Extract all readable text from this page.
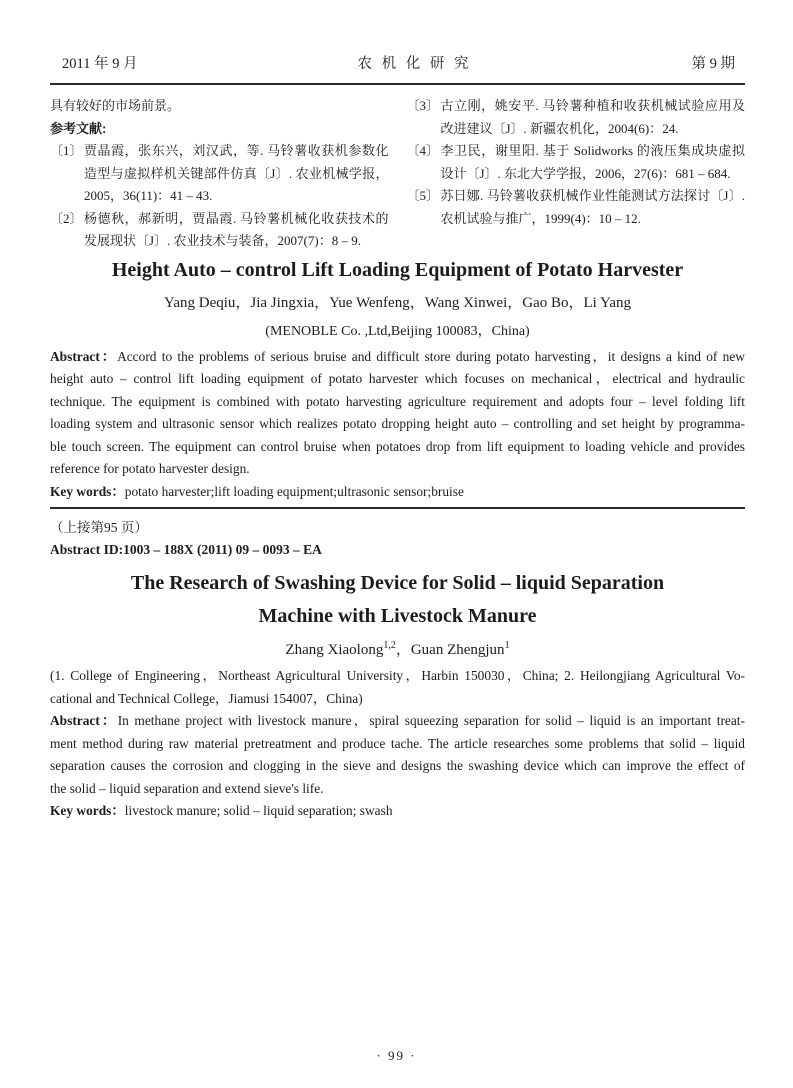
2011 年 9 月	农 机 化 研 究	第 9 期

具有较好的市场前景。

参考文献:

〔1〕 贾晶霞，张东兴，刘汉武，等. 马铃薯收获机参数化造型与虚拟样机关键部件仿真〔J〕. 农业机械学报，2005，36(11)：41 – 43.
〔2〕 杨德秋，郝新明，贾晶霞. 马铃薯机械化收获技术的发展现状〔J〕. 农业技术与装备，2007(7)：8 – 9.
〔3〕 古立刚，姚安平. 马铃薯种植和收获机械试验应用及改进建议〔J〕. 新疆农机化，2004(6)：24.
〔4〕 李卫民，谢里阳. 基于 Solidworks 的液压集成块虚拟设计〔J〕. 东北大学学报，2006，27(6)：681 – 684.
〔5〕 苏日娜. 马铃薯收获机械作业性能测试方法探讨〔J〕. 农机试验与推广，1999(4)：10 – 12.
Height Auto – control Lift Loading Equipment of Potato Harvester
Yang Deqiu，Jia Jingxia，Yue Wenfeng，Wang Xinwei，Gao Bo，Li Yang
(MENOBLE Co. ,Ltd,Beijing 100083，China)
Abstract：Accord to the problems of serious bruise and difficult store during potato harvesting，it designs a kind of new
height auto – control lift loading equipment of potato harvester which focuses on mechanical，electrical and hydraulic
technique. The equipment is combined with potato harvesting agriculture requirement and adopts four – level folding lift
loading system and ultrasonic sensor which realizes potato dropping height auto – controlling and set height by programma-
ble touch screen. The equipment can control bruise when potatoes drop from lift equipment to loading vehicle and provides
reference for potato harvester design.
Key words：potato harvester;lift loading equipment;ultrasonic sensor;bruise
（上接第95 页）
Abstract ID:1003 – 188X (2011) 09 – 0093 – EA
The Research of Swashing Device for Solid – liquid Separation
Machine with Livestock Manure
Zhang Xiaolong$^{1,2}$，Guan Zhengjun$^1$
(1. College of Engineering，Northeast Agricultural University，Harbin 150030，China; 2. Heilongjiang Agricultural Vo-
cational and Technical College，Jiamusi 154007，China)
Abstract：In methane project with livestock manure，spiral squeezing separation for solid – liquid is an important treat-
ment method during raw material pretreatment and produce tache. The article researches some problems that solid – liquid
separation causes the corrosion and clogging in the sieve and designs the swashing device which can improve the effect of
the solid – liquid separation and extend sieve's life.
Key words：livestock manure; solid – liquid separation; swash
· 99 ·
